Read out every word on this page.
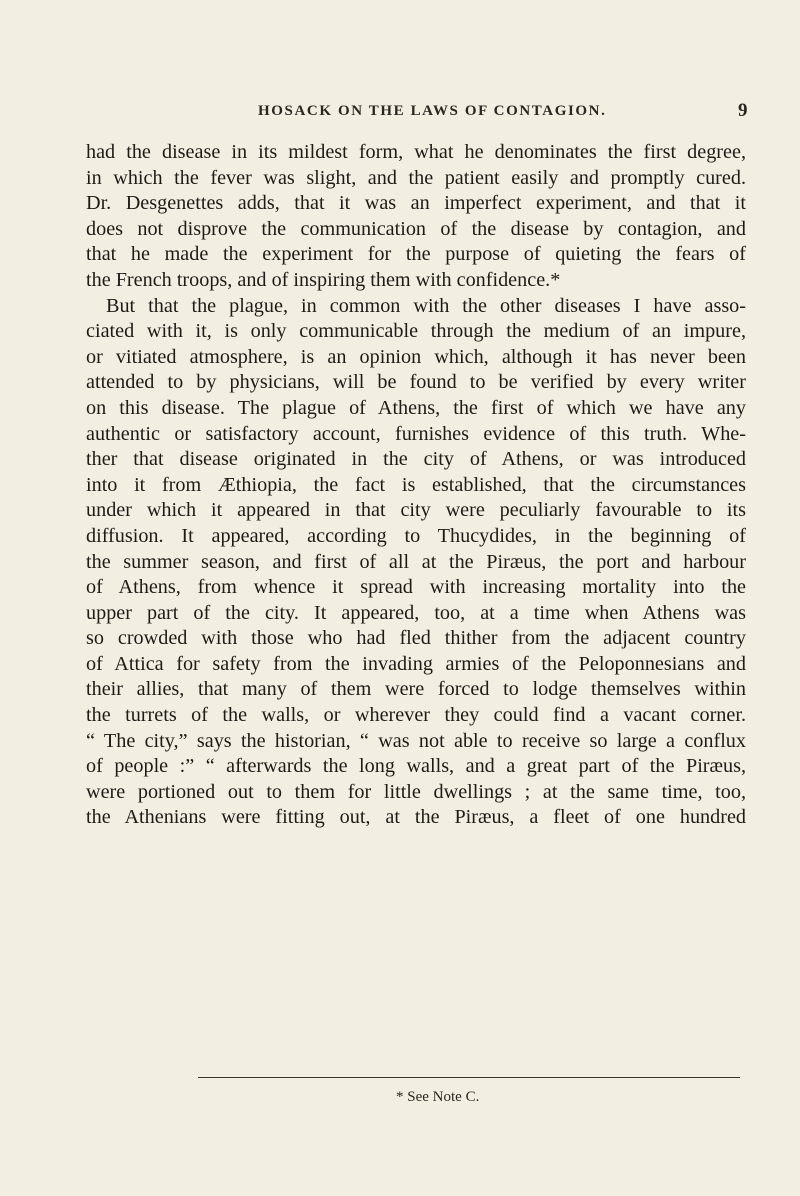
HOSACK ON THE LAWS OF CONTAGION.	9
had the disease in its mildest form, what he denominates the first degree,
in which the fever was slight, and the patient easily and promptly cured.
Dr. Desgenettes adds, that it was an imperfect experiment, and that it
does not disprove the communication of the disease by contagion, and
that he made the experiment for the purpose of quieting the fears of
the French troops, and of inspiring them with confidence.*
But that the plague, in common with the other diseases I have asso-
ciated with it, is only communicable through the medium of an impure,
or vitiated atmosphere, is an opinion which, although it has never been
attended to by physicians, will be found to be verified by every writer
on this disease. The plague of Athens, the first of which we have any
authentic or satisfactory account, furnishes evidence of this truth. Whe-
ther that disease originated in the city of Athens, or was introduced
into it from Æthiopia, the fact is established, that the circumstances
under which it appeared in that city were peculiarly favourable to its
diffusion. It appeared, according to Thucydides, in the beginning of
the summer season, and first of all at the Piræus, the port and harbour
of Athens, from whence it spread with increasing mortality into the
upper part of the city. It appeared, too, at a time when Athens was
so crowded with those who had fled thither from the adjacent country
of Attica for safety from the invading armies of the Peloponnesians and
their allies, that many of them were forced to lodge themselves within
the turrets of the walls, or wherever they could find a vacant corner.
“ The city,” says the historian, “ was not able to receive so large a conflux
of people :” “ afterwards the long walls, and a great part of the Piræus,
were portioned out to them for little dwellings ; at the same time, too,
the Athenians were fitting out, at the Piræus, a fleet of one hundred
* See Note C.
